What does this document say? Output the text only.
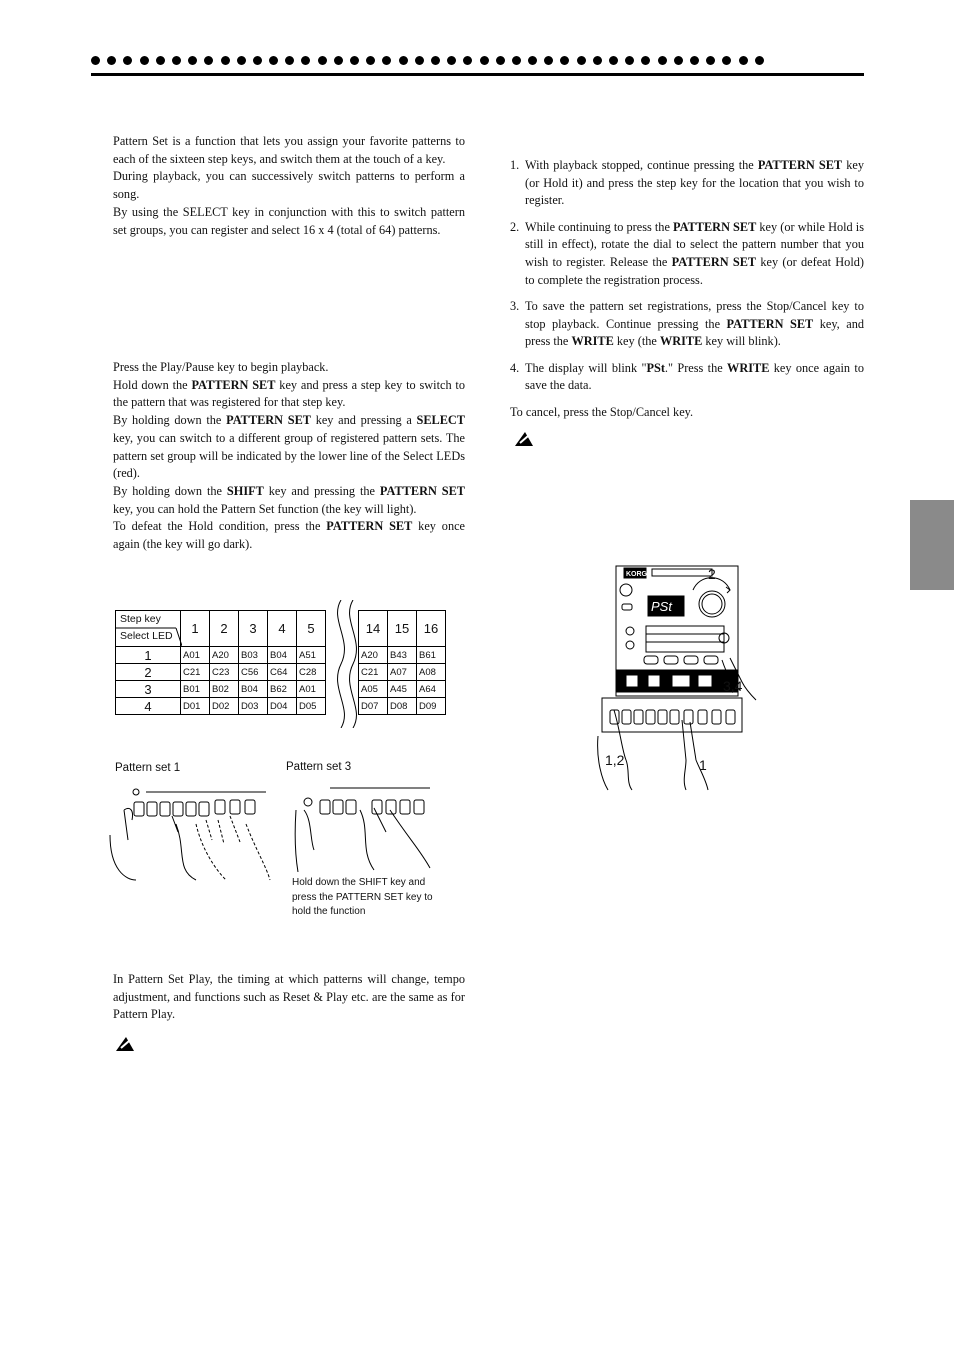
Pattern Set is a function that lets you assign your favorite patterns to each of the sixteen step keys, and switch them at the touch of a key.

During playback, you can successively switch patterns to perform a song.

By using the SELECT key in conjunction with this to switch pattern set groups, you can register and select 16 x 4 (total of 64) patterns.

Press the Play/Pause key to begin playback.

Hold down the PATTERN SET key and press a step key to switch to the pattern that was registered for that step key.

By holding down the PATTERN SET key and pressing a SELECT key, you can switch to a different group of registered pattern sets. The pattern set group will be indicated by the lower line of the Select LEDs (red).

By holding down the SHIFT key and pressing the PATTERN SET key, you can hold the Pattern Set function (the key will light).

To defeat the Hold condition, press the PATTERN SET key once again (the key will go dark).

Step key
Select LED	1	2	3	4	5		14	15	16
1	A01	A20	B03	B04	A51		A20	B43	B61
2	C21	C23	C56	C64	C28		C21	A07	A08
3	B01	B02	B04	B62	A01		A05	A45	A64
4	D01	D02	D03	D04	D05		D07	D08	D09
Pattern set 1	Pattern set 3
Hold down the SHIFT key and
press the PATTERN SET key to
hold the function

In Pattern Set Play, the timing at which patterns will change, tempo adjustment, and functions such as Reset & Play etc. are the same as for Pattern Play.

1. With playback stopped, continue pressing the PATTERN SET key (or Hold it) and press the step key for the location that you wish to register.
2. While continuing to press the PATTERN SET key (or while Hold is still in effect), rotate the dial to select the pattern number that you wish to register. Release the PATTERN SET key (or defeat Hold) to complete the registration process.
3. To save the pattern set registrations, press the Stop/Cancel key to stop playback. Continue pressing the PATTERN SET key, and press the WRITE key (the WRITE key will blink).
4. The display will blink "PSt." Press the WRITE key once again to save the data.

To cancel, press the Stop/Cancel key.

KORG
PSt
2
3,4
1,2	1
